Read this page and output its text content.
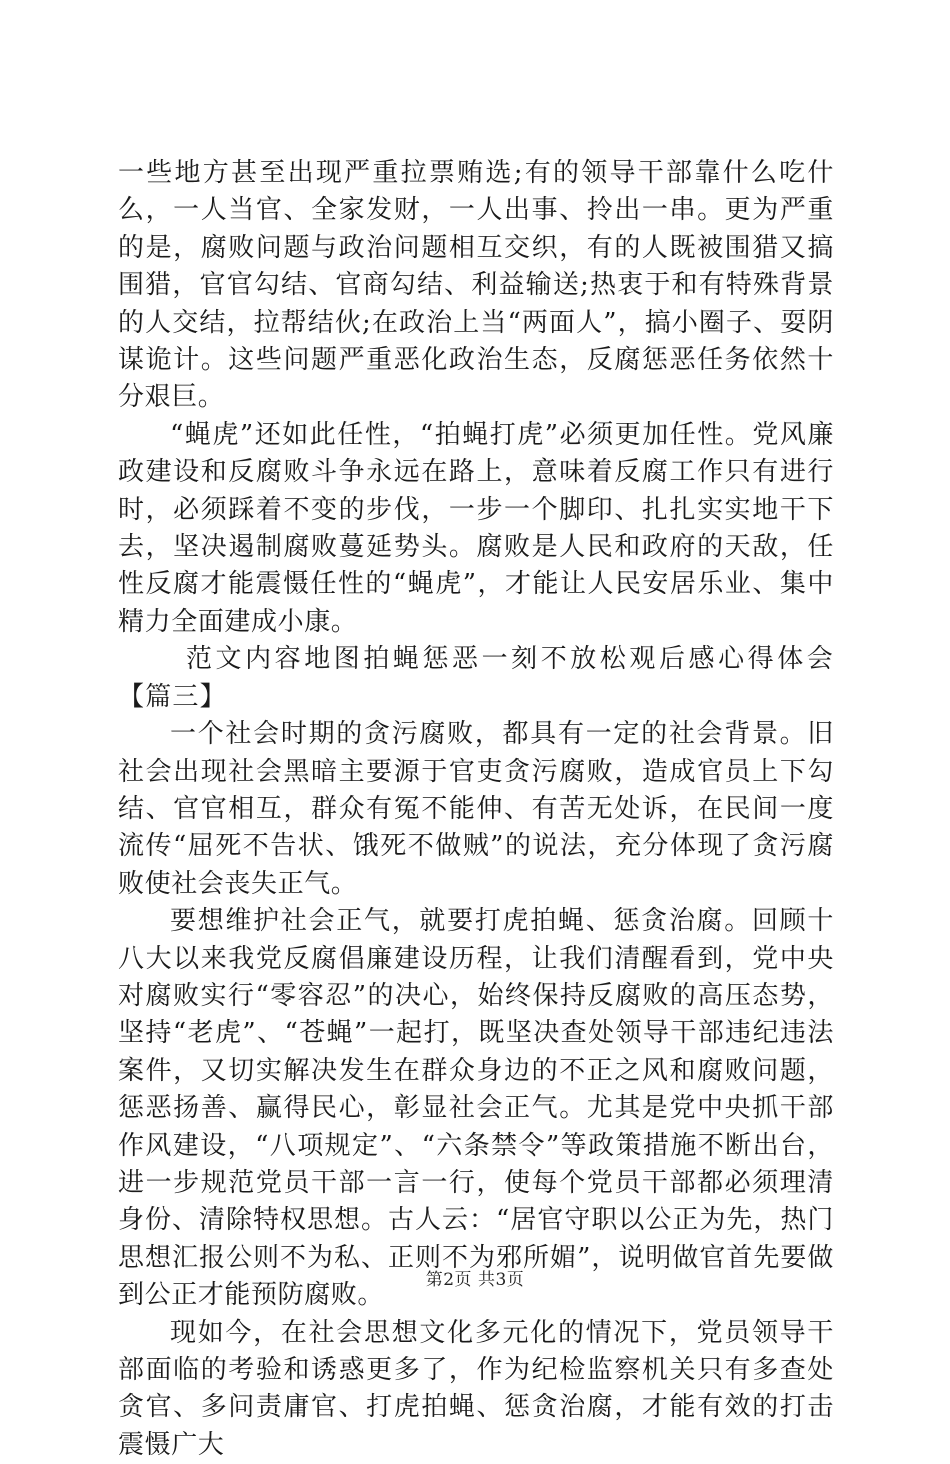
一些地方甚至出现严重拉票贿选;有的领导干部靠什么吃什么，一人当官、全家发财，一人出事、拎出一串。更为严重的是，腐败问题与政治问题相互交织，有的人既被围猎又搞围猎，官官勾结、官商勾结、利益输送;热衷于和有特殊背景的人交结，拉帮结伙;在政治上当“两面人”，搞小圈子、耍阴谋诡计。这些问题严重恶化政治生态，反腐惩恶任务依然十分艰巨。

“蝇虎”还如此任性，“拍蝇打虎”必须更加任性。党风廉政建设和反腐败斗争永远在路上，意味着反腐工作只有进行时，必须踩着不变的步伐，一步一个脚印、扎扎实实地干下去，坚决遏制腐败蔓延势头。腐败是人民和政府的天敌，任性反腐才能震慑任性的“蝇虎”，才能让人民安居乐业、集中精力全面建成小康。

范文内容地图拍蝇惩恶一刻不放松观后感心得体会【篇三】

一个社会时期的贪污腐败，都具有一定的社会背景。旧社会出现社会黑暗主要源于官吏贪污腐败，造成官员上下勾结、官官相互，群众有冤不能伸、有苦无处诉，在民间一度流传“屈死不告状、饿死不做贼”的说法，充分体现了贪污腐败使社会丧失正气。

要想维护社会正气，就要打虎拍蝇、惩贪治腐。回顾十八大以来我党反腐倡廉建设历程，让我们清醒看到，党中央对腐败实行“零容忍”的决心，始终保持反腐败的高压态势，坚持“老虎”、“苍蝇”一起打，既坚决查处领导干部违纪违法案件，又切实解决发生在群众身边的不正之风和腐败问题，惩恶扬善、赢得民心，彰显社会正气。尤其是党中央抓干部作风建设，“八项规定”、“六条禁令”等政策措施不断出台，进一步规范党员干部一言一行，使每个党员干部都必须理清身份、清除特权思想。古人云：“居官守职以公正为先，热门思想汇报公则不为私、正则不为邪所媚”，说明做官首先要做到公正才能预防腐败。

现如今，在社会思想文化多元化的情况下，党员领导干部面临的考验和诱惑更多了，作为纪检监察机关只有多查处贪官、多问责庸官、打虎拍蝇、惩贪治腐，才能有效的打击震慑广大

第2页 共3页
